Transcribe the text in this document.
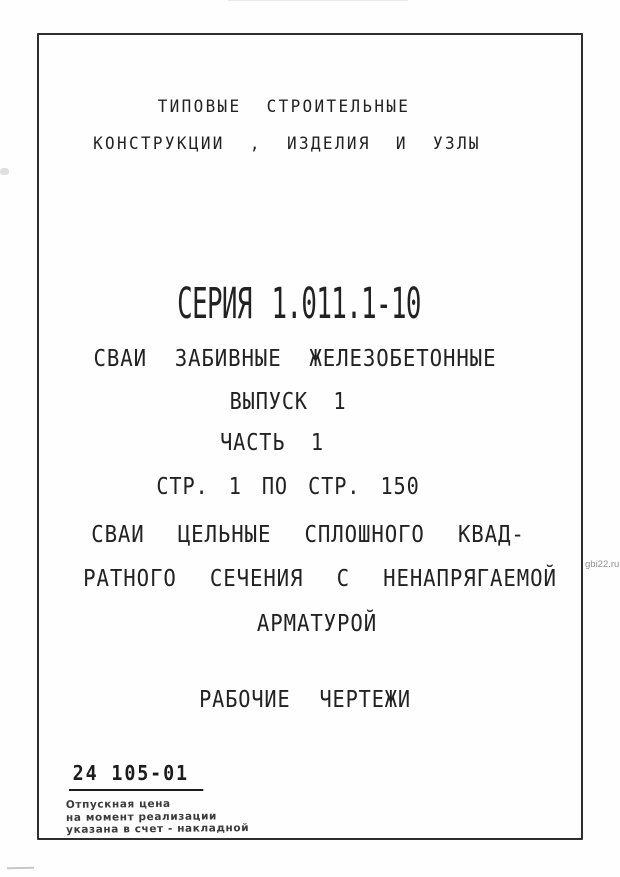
ТИПОВЫЕ СТРОИТЕЛЬНЫЕ
КОНСТРУКЦИИ , ИЗДЕЛИЯ И УЗЛЫ
СЕРИЯ 1.011.1-10
СВАИ ЗАБИВНЫЕ ЖЕЛЕЗОБЕТОННЫЕ
ВЫПУСК 1
ЧАСТЬ 1
СТР. 1 ПО СТР. 150
СВАИ ЦЕЛЬНЫЕ СПЛОШНОГО КВАД-
РАТНОГО СЕЧЕНИЯ С НЕНАПРЯГАЕМОЙ
АРМАТУРОЙ
РАБОЧИЕ ЧЕРТЕЖИ
24 105-01
Отпускная цена
на момент реализации
указана в счет - накладной
gbi22.ru
